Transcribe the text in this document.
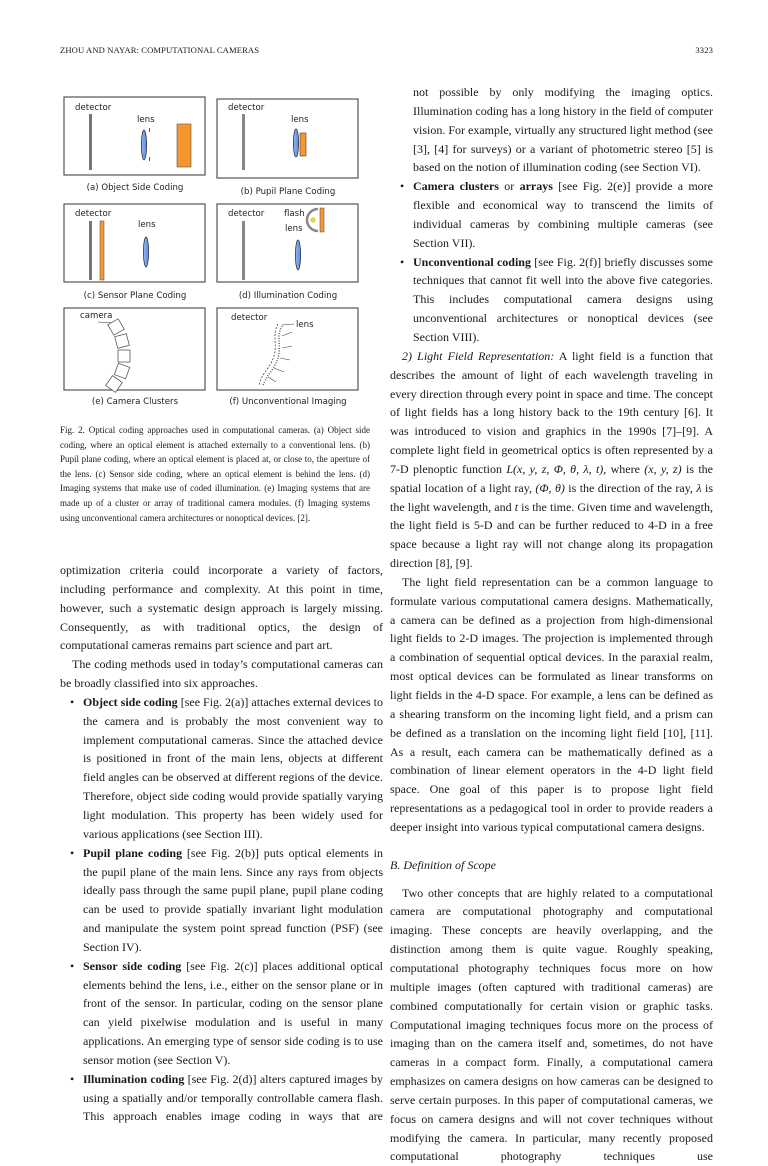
ZHOU AND NAYAR: COMPUTATIONAL CAMERAS	3323
detector
lens
(a) Object Side Coding
detector
lens
(b) Pupil Plane Coding
detector
lens
(c) Sensor Plane Coding
detector flash
lens
(d) Illumination Coding
camera
(e) Camera Clusters
detector
lens
(f) Unconventional Imaging
Fig. 2. Optical coding approaches used in computational cameras. (a) Object side coding, where an optical element is attached externally to a conventional lens. (b) Pupil plane coding, where an optical element is placed at, or close to, the aperture of the lens. (c) Sensor side coding, where an optical element is behind the lens. (d) Imaging systems that make use of coded illumination. (e) Imaging systems that are made up of a cluster or array of traditional camera modules. (f) Imaging systems using unconventional camera architectures or nonoptical devices. [2].

optimization criteria could incorporate a variety of factors, including performance and complexity. At this point in time, however, such a systematic design approach is largely missing. Consequently, as with traditional optics, the design of computational cameras remains part science and part art.

The coding methods used in today’s computational cameras can be broadly classified into six approaches.

• Object side coding [see Fig. 2(a)] attaches external devices to the camera and is probably the most convenient way to implement computational cameras. Since the attached device is positioned in front of the main lens, objects at different field angles can be observed at different regions of the device. Therefore, object side coding would provide spatially varying light modulation. This property has been widely used for various applications (see Section III).

• Pupil plane coding [see Fig. 2(b)] puts optical elements in the pupil plane of the main lens. Since any rays from objects ideally pass through the same pupil plane, pupil plane coding can be used to provide spatially invariant light modulation and manipulate the system point spread function (PSF) (see Section IV).

• Sensor side coding [see Fig. 2(c)] places additional optical elements behind the lens, i.e., either on the sensor plane or in front of the sensor. In particular, coding on the sensor plane can yield pixelwise modulation and is useful in many applications. An emerging type of sensor side coding is to use sensor motion (see Section V).

• Illumination coding [see Fig. 2(d)] alters captured images by using a spatially and/or temporally controllable camera flash. This approach enables image coding in ways that are

not possible by only modifying the imaging optics. Illumination coding has a long history in the field of computer vision. For example, virtually any structured light method (see [3], [4] for surveys) or a variant of photometric stereo [5] is based on the notion of illumination coding (see Section VI).

• Camera clusters or arrays [see Fig. 2(e)] provide a more flexible and economical way to transcend the limits of individual cameras by combining multiple cameras (see Section VII).

• Unconventional coding [see Fig. 2(f)] briefly discusses some techniques that cannot fit well into the above five categories. This includes computational camera designs using unconventional architectures or nonoptical devices (see Section VIII).

2) Light Field Representation: A light field is a function that describes the amount of light of each wavelength traveling in every direction through every point in space and time. The concept of light fields has a long history back to the 19th century [6]. It was introduced to vision and graphics in the 1990s [7]–[9]. A complete light field in geometrical optics is often represented by a 7-D plenoptic function L(x, y, z, Φ, θ, λ, t), where (x, y, z) is the spatial location of a light ray, (Φ, θ) is the direction of the ray, λ is the light wavelength, and t is the time. Given time and wavelength, the light field is 5-D and can be further reduced to 4-D in a free space because a light ray will not change along its propagation direction [8], [9].

The light field representation can be a common language to formulate various computational camera designs. Mathematically, a camera can be defined as a projection from high-dimensional light fields to 2-D images. The projection is implemented through a combination of sequential optical devices. In the paraxial realm, most optical devices can be formulated as linear transforms on light fields in the 4-D space. For example, a lens can be defined as a shearing transform on the incoming light field, and a prism can be defined as a translation on the incoming light field [10], [11]. As a result, each camera can be mathematically defined as a combination of linear element operators in the 4-D light field space. One goal of this paper is to propose light field representations as a pedagogical tool in order to provide readers a deeper insight into various typical computational camera designs.

B. Definition of Scope

Two other concepts that are highly related to a computational camera are computational photography and computational imaging. These concepts are heavily overlapping, and the distinction among them is quite vague. Roughly speaking, computational photography techniques focus more on how multiple images (often captured with traditional cameras) are combined computationally for certain vision or graphic tasks. Computational imaging techniques focus more on the process of imaging than on the camera itself and, sometimes, do not have cameras in a compact form. Finally, a computational camera emphasizes on camera designs on how cameras can be designed to serve certain purposes. In this paper of computational cameras, we focus on camera designs and will not cover techniques without modifying the camera. In particular, many recently proposed computational photography techniques use
